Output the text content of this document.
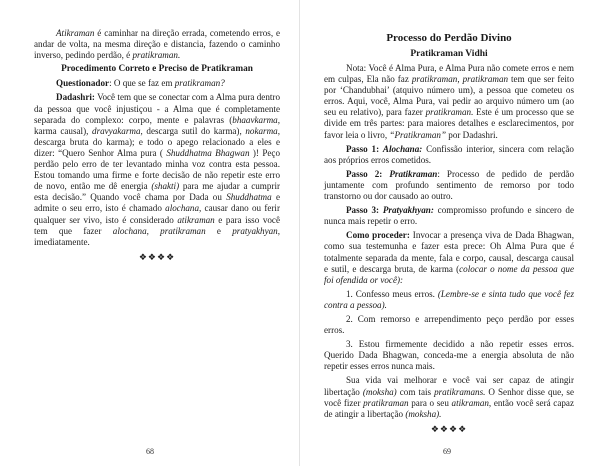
Atikraman é caminhar na direção errada, cometendo erros, e andar de volta, na mesma direção e distancia, fazendo o caminho inverso, pedindo perdão, é pratikraman.

Procedimento Correto e Preciso de Pratikraman

Questionador: O que se faz em pratikraman?

Dadashri: Você tem que se conectar com a Alma pura dentro da pessoa que você injustiçou - a Alma que é completamente separada do complexo: corpo, mente e palavras (bhaavkarma, karma causal), dravyakarma, descarga sutil do karma), nokarma, descarga bruta do karma); e todo o apego relacionado a eles e dizer: “Quero Senhor Alma pura ( Shuddhatma Bhagwan )! Peço perdão pelo erro de ter levantado minha voz contra esta pessoa. Estou tomando uma firme e forte decisão de não repetir este erro de novo, então me dê energia (shakti) para me ajudar a cumprir esta decisão.” Quando você chama por Dada ou Shuddhatma e admite o seu erro, isto é chamado alochana, causar dano ou ferir qualquer ser vivo, isto é considerado atikraman e para isso você tem que fazer alochana, pratikraman e pratyakhyan, imediatamente.

❖❖❖❖
68

Processo do Perdão Divino

Pratikraman Vidhi

Nota: Você é Alma Pura, e Alma Pura não comete erros e nem em culpas, Ela não faz pratikraman, pratikraman tem que ser feito por ‘Chandubhai’ (atquivo número um), a pessoa que cometeu os erros. Aqui, você, Alma Pura, vai pedir ao arquivo número um (ao seu eu relativo), para fazer pratikraman. Este é um processo que se divide em três partes: para maiores detalhes e esclarecimentos, por favor leia o livro, “Pratikraman” por Dadashri.

Passo 1: Alochana: Confissão interior, sincera com relação aos próprios erros cometidos.

Passo 2: Pratikraman: Processo de pedido de perdão juntamente com profundo sentimento de remorso por todo transtorno ou dor causado ao outro.

Passo 3: Pratyakhyan: compromisso profundo e sincero de nunca mais repetir o erro.

Como proceder: Invocar a presença viva de Dada Bhagwan, como sua testemunha e fazer esta prece: Oh Alma Pura que é totalmente separada da mente, fala e corpo, causal, descarga causal e sutil, e descarga bruta, de karma (colocar o nome da pessoa que foi ofendida or você):

1. Confesso meus erros. (Lembre-se e sinta tudo que você fez contra a pessoa).

2. Com remorso e arrependimento peço perdão por esses erros.

3. Estou firmemente decidido a não repetir esses erros. Querido Dada Bhagwan, conceda-me a energia absoluta de não repetir esses erros nunca mais.

Sua vida vai melhorar e você vai ser capaz de atingir libertação (moksha) com tais pratikramans. O Senhor disse que, se você fizer pratikraman para o seu atikraman, então você será capaz de atingir a libertação (moksha).

❖❖❖❖
69
